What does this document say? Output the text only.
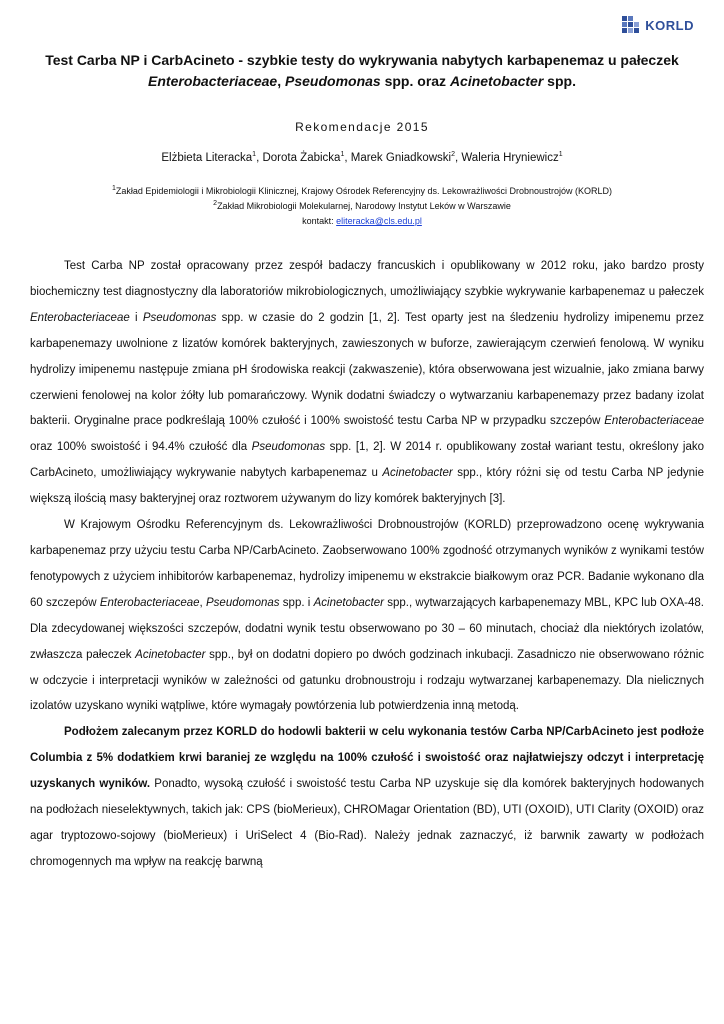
KORLD
Test Carba NP i CarbAcineto - szybkie testy do wykrywania nabytych karbapenemaz u pałeczek
Enterobacteriaceae, Pseudomonas spp. oraz Acinetobacter spp.
Rekomendacje 2015
Elżbieta Literacka$^1$, Dorota Żabicka$^1$, Marek Gniadkowski$^2$, Waleria Hryniewicz$^1$
$^1$Zakład Epidemiologii i Mikrobiologii Klinicznej, Krajowy Ośrodek Referencyjny ds. Lekowrażliwości Drobnoustrojów (KORLD)
$^2$Zakład Mikrobiologii Molekularnej, Narodowy Instytut Leków w Warszawie
kontakt: eliteracka@cls.edu.pl

Test Carba NP został opracowany przez zespół badaczy francuskich i opublikowany w 2012 roku, jako bardzo prosty biochemiczny test diagnostyczny dla laboratoriów mikrobiologicznych, umożliwiający szybkie wykrywanie karbapenemaz u pałeczek Enterobacteriaceae i Pseudomonas spp. w czasie do 2 godzin [1, 2]. Test oparty jest na śledzeniu hydrolizy imipenemu przez karbapenemazy uwolnione z lizatów komórek bakteryjnych, zawieszonych w buforze, zawierającym czerwień fenolową. W wyniku hydrolizy imipenemu następuje zmiana pH środowiska reakcji (zakwaszenie), która obserwowana jest wizualnie, jako zmiana barwy czerwieni fenolowej na kolor żółty lub pomarańczowy. Wynik dodatni świadczy o wytwarzaniu karbapenemazy przez badany izolat bakterii. Oryginalne prace podkreślają 100% czułość i 100% swoistość testu Carba NP w przypadku szczepów Enterobacteriaceae oraz 100% swoistość i 94.4% czułość dla Pseudomonas spp. [1, 2]. W 2014 r. opublikowany został wariant testu, określony jako CarbAcineto, umożliwiający wykrywanie nabytych karbapenemaz u Acinetobacter spp., który różni się od testu Carba NP jedynie większą ilością masy bakteryjnej oraz roztworem używanym do lizy komórek bakteryjnych [3].

W Krajowym Ośrodku Referencyjnym ds. Lekowrażliwości Drobnoustrojów (KORLD) przeprowadzono ocenę wykrywania karbapenemaz przy użyciu testu Carba NP/CarbAcineto. Zaobserwowano 100% zgodność otrzymanych wyników z wynikami testów fenotypowych z użyciem inhibitorów karbapenemaz, hydrolizy imipenemu w ekstrakcie białkowym oraz PCR. Badanie wykonano dla 60 szczepów Enterobacteriaceae, Pseudomonas spp. i Acinetobacter spp., wytwarzających karbapenemazy MBL, KPC lub OXA-48. Dla zdecydowanej większości szczepów, dodatni wynik testu obserwowano po 30 – 60 minutach, chociaż dla niektórych izolatów, zwłaszcza pałeczek Acinetobacter spp., był on dodatni dopiero po dwóch godzinach inkubacji. Zasadniczo nie obserwowano różnic w odczycie i interpretacji wyników w zależności od gatunku drobnoustroju i rodzaju wytwarzanej karbapenemazy. Dla nielicznych izolatów uzyskano wyniki wątpliwe, które wymagały powtórzenia lub potwierdzenia inną metodą.

Podłożem zalecanym przez KORLD do hodowli bakterii w celu wykonania testów Carba NP/CarbAcineto jest podłoże Columbia z 5% dodatkiem krwi baraniej ze względu na 100% czułość i swoistość oraz najłatwiejszy odczyt i interpretację uzyskanych wyników. Ponadto, wysoką czułość i swoistość testu Carba NP uzyskuje się dla komórek bakteryjnych hodowanych na podłożach nieselektywnych, takich jak: CPS (bioMerieux), CHROMagar Orientation (BD), UTI (OXOID), UTI Clarity (OXOID) oraz agar tryptozowo-sojowy (bioMerieux) i UriSelect 4 (Bio-Rad). Należy jednak zaznaczyć, iż barwnik zawarty w podłożach chromogennych ma wpływ na reakcję barwną
